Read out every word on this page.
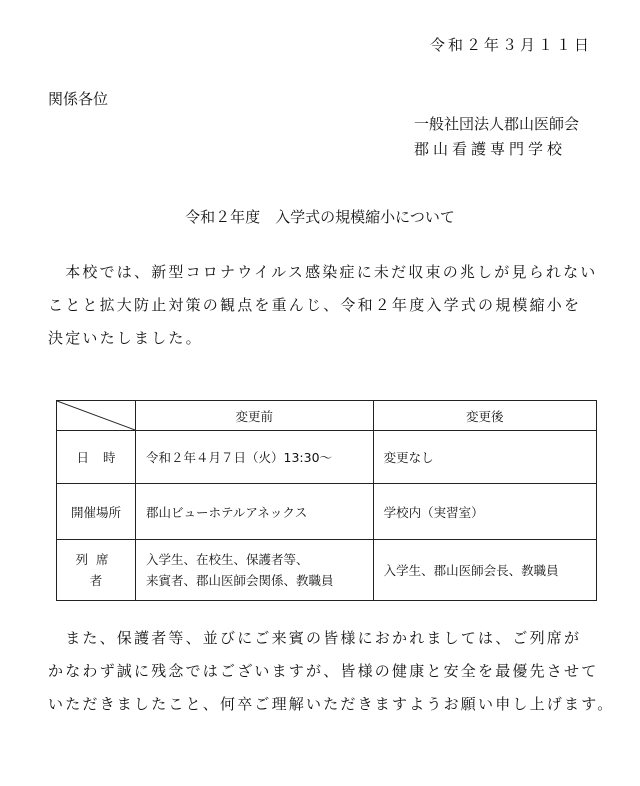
令和２年３月１１日
関係各位
一般社団法人郡山医師会
郡山看護専門学校
令和２年度　入学式の規模縮小について
　本校では、新型コロナウイルス感染症に未だ収束の兆しが見られない
ことと拡大防止対策の観点を重んじ、令和２年度入学式の規模縮小を
決定いたしました。
	変更前	変更後
日時	令和２年４月７日（火）13:30～	変更なし

開催場所	郡山ビューホテルアネックス	学校内（実習室）

列席者	入学生、在校生、保護者等、
来賓者、郡山医師会関係、教職員	入学生、郡山医師会長、教職員
　また、保護者等、並びにご来賓の皆様におかれましては、ご列席が
かなわず誠に残念ではございますが、皆様の健康と安全を最優先させて
いただきましたこと、何卒ご理解いただきますようお願い申し上げます。
